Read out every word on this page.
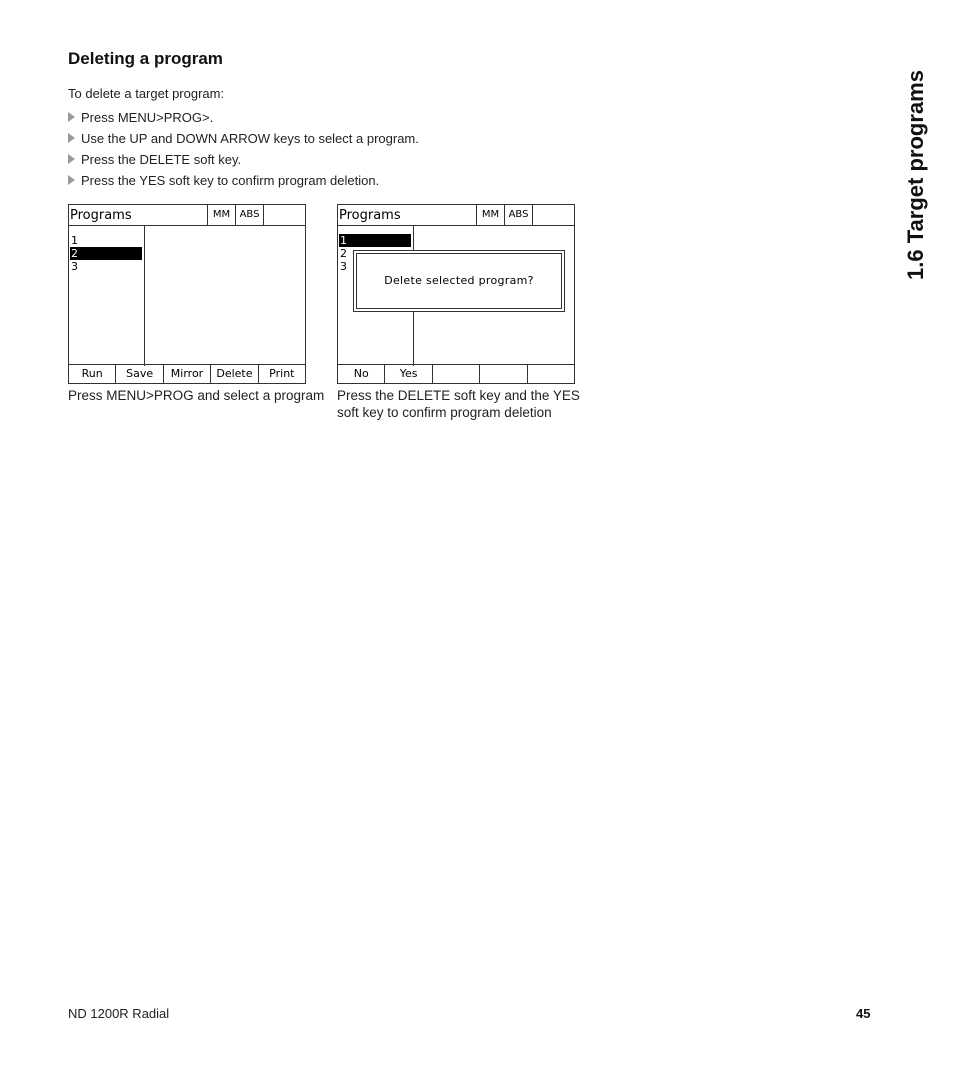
Deleting a program
To delete a target program:
Press MENU>PROG>.
Use the UP and DOWN ARROW keys to select a program.
Press the DELETE soft key.
Press the YES soft key to confirm program deletion.
Programs	MM ABS
1
2
3
Run	Save	Mirror	Delete	Print
Press MENU>PROG and select a program
Programs	MM ABS
1
2
3
Delete selected program?
No	Yes
Press the DELETE soft key and the YES soft key to confirm program deletion
1.6 Target programs
ND 1200R Radial	45
